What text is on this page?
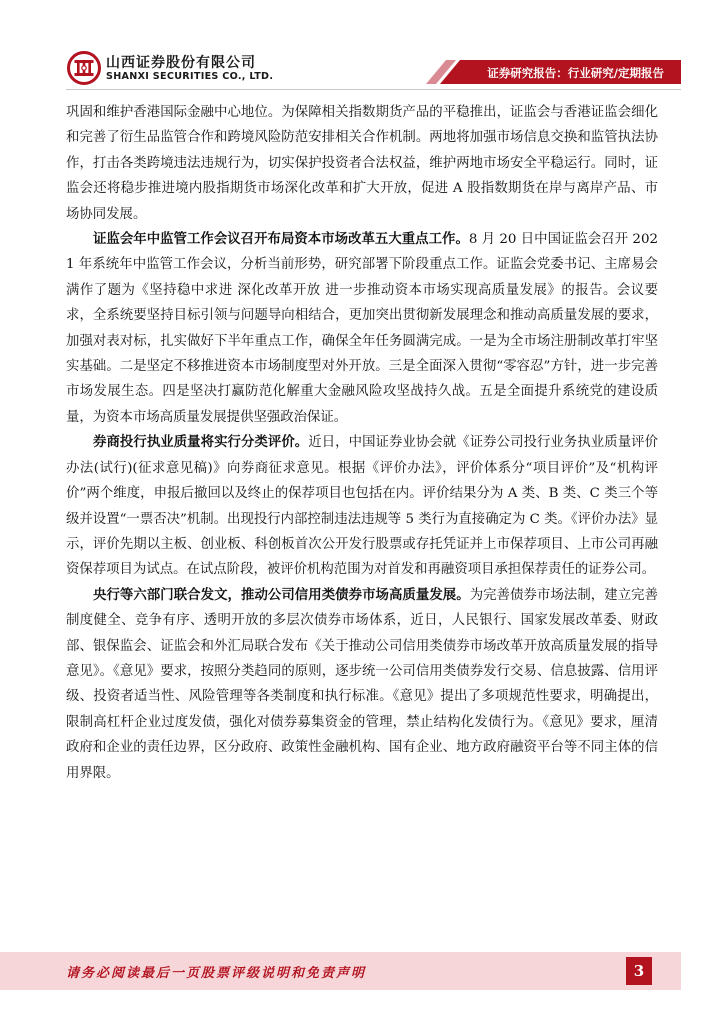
山西证券股份有限公司
SHANXI SECURITIES CO., LTD.	证券研究报告：行业研究/定期报告

巩固和维护香港国际金融中心地位。为保障相关指数期货产品的平稳推出，证监会与香港证监会细化和完善了衍生品监管合作和跨境风险防范安排相关合作机制。两地将加强市场信息交换和监管执法协作，打击各类跨境违法违规行为，切实保护投资者合法权益，维护两地市场安全平稳运行。同时，证监会还将稳步推进境内股指期货市场深化改革和扩大开放，促进 A 股指数期货在岸与离岸产品、市场协同发展。

证监会年中监管工作会议召开布局资本市场改革五大重点工作。8 月 20 日中国证监会召开 2021 年系统年中监管工作会议，分析当前形势，研究部署下阶段重点工作。证监会党委书记、主席易会满作了题为《坚持稳中求进 深化改革开放 进一步推动资本市场实现高质量发展》的报告。会议要求，全系统要坚持目标引领与问题导向相结合，更加突出贯彻新发展理念和推动高质量发展的要求，加强对表对标，扎实做好下半年重点工作，确保全年任务圆满完成。一是为全市场注册制改革打牢坚实基础。二是坚定不移推进资本市场制度型对外开放。三是全面深入贯彻“零容忍”方针，进一步完善市场发展生态。四是坚决打赢防范化解重大金融风险攻坚战持久战。五是全面提升系统党的建设质量，为资本市场高质量发展提供坚强政治保证。

券商投行执业质量将实行分类评价。近日，中国证券业协会就《证券公司投行业务执业质量评价办法(试行)(征求意见稿)》向券商征求意见。根据《评价办法》，评价体系分“项目评价”及“机构评价”两个维度，申报后撤回以及终止的保荐项目也包括在内。评价结果分为 A 类、B 类、C 类三个等级并设置“一票否决”机制。出现投行内部控制违法违规等 5 类行为直接确定为 C 类。《评价办法》显示，评价先期以主板、创业板、科创板首次公开发行股票或存托凭证并上市保荐项目、上市公司再融资保荐项目为试点。在试点阶段，被评价机构范围为对首发和再融资项目承担保荐责任的证券公司。

央行等六部门联合发文，推动公司信用类债券市场高质量发展。为完善债券市场法制，建立完善制度健全、竞争有序、透明开放的多层次债券市场体系，近日，人民银行、国家发展改革委、财政部、银保监会、证监会和外汇局联合发布《关于推动公司信用类债券市场改革开放高质量发展的指导意见》。《意见》要求，按照分类趋同的原则，逐步统一公司信用类债券发行交易、信息披露、信用评级、投资者适当性、风险管理等各类制度和执行标准。《意见》提出了多项规范性要求，明确提出，限制高杠杆企业过度发债，强化对债券募集资金的管理，禁止结构化发债行为。《意见》要求，厘清政府和企业的责任边界，区分政府、政策性金融机构、国有企业、地方政府融资平台等不同主体的信用界限。

请务必阅读最后一页股票评级说明和免责声明	3
